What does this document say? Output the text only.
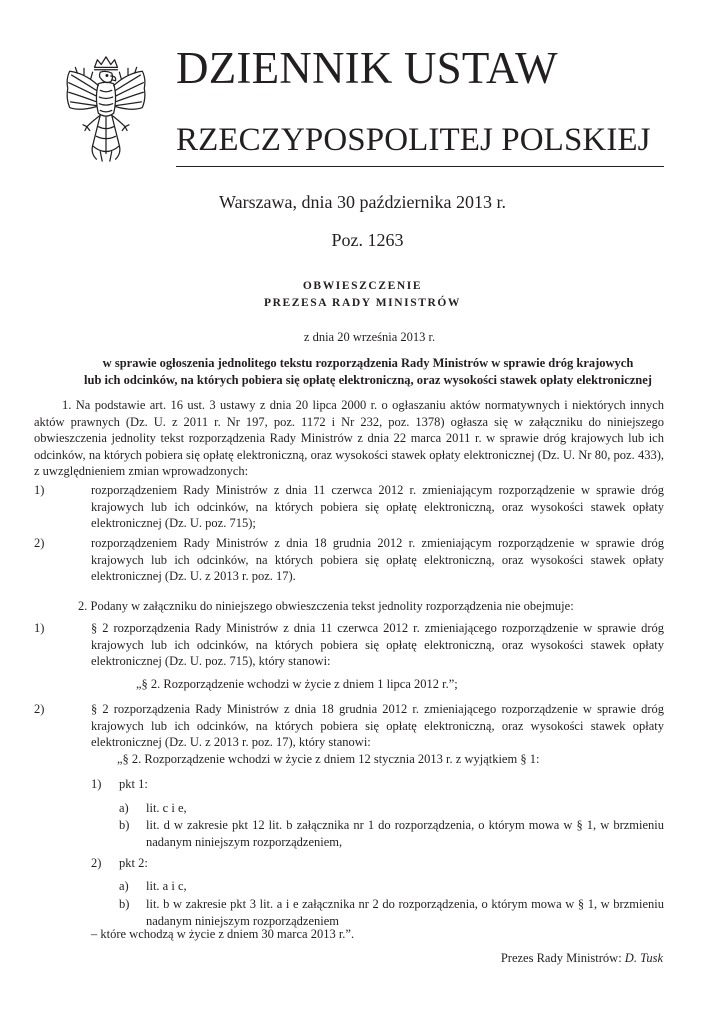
DZIENNIK USTAW
RZECZYPOSPOLITEJ POLSKIEJ
Warszawa, dnia 30 października 2013 r.
Poz. 1263
OBWIESZCZENIE
PREZESA RADY MINISTRÓW
z dnia 20 września 2013 r.
w sprawie ogłoszenia jednolitego tekstu rozporządzenia Rady Ministrów w sprawie dróg krajowych
lub ich odcinków, na których pobiera się opłatę elektroniczną, oraz wysokości stawek opłaty elektronicznej
1. Na podstawie art. 16 ust. 3 ustawy z dnia 20 lipca 2000 r. o ogłaszaniu aktów normatywnych i niektórych innych aktów prawnych (Dz. U. z 2011 r. Nr 197, poz. 1172 i Nr 232, poz. 1378) ogłasza się w załączniku do niniejszego obwieszczenia jednolity tekst rozporządzenia Rady Ministrów z dnia 22 marca 2011 r. w sprawie dróg krajowych lub ich odcinków, na których pobiera się opłatę elektroniczną, oraz wysokości stawek opłaty elektronicznej (Dz. U. Nr 80, poz. 433), z uwzględnieniem zmian wprowadzonych:
1)	rozporządzeniem Rady Ministrów z dnia 11 czerwca 2012 r. zmieniającym rozporządzenie w sprawie dróg krajowych lub ich odcinków, na których pobiera się opłatę elektroniczną, oraz wysokości stawek opłaty elektronicznej (Dz. U. poz. 715);
2)	rozporządzeniem Rady Ministrów z dnia 18 grudnia 2012 r. zmieniającym rozporządzenie w sprawie dróg krajowych lub ich odcinków, na których pobiera się opłatę elektroniczną, oraz wysokości stawek opłaty elektronicznej (Dz. U. z 2013 r. poz. 17).
2. Podany w załączniku do niniejszego obwieszczenia tekst jednolity rozporządzenia nie obejmuje:
1)	§ 2 rozporządzenia Rady Ministrów z dnia 11 czerwca 2012 r. zmieniającego rozporządzenie w sprawie dróg krajowych lub ich odcinków, na których pobiera się opłatę elektroniczną, oraz wysokości stawek opłaty elektronicznej (Dz. U. poz. 715), który stanowi:
„§ 2. Rozporządzenie wchodzi w życie z dniem 1 lipca 2012 r.”;
2)	§ 2 rozporządzenia Rady Ministrów z dnia 18 grudnia 2012 r. zmieniającego rozporządzenie w sprawie dróg krajowych lub ich odcinków, na których pobiera się opłatę elektroniczną, oraz wysokości stawek opłaty elektronicznej (Dz. U. z 2013 r. poz. 17), który stanowi:
„§ 2. Rozporządzenie wchodzi w życie z dniem 12 stycznia 2013 r. z wyjątkiem § 1:
1) pkt 1:
a) lit. c i e,
b) lit. d w zakresie pkt 12 lit. b załącznika nr 1 do rozporządzenia, o którym mowa w § 1, w brzmieniu nadanym niniejszym rozporządzeniem,
2) pkt 2:
a) lit. a i c,
b) lit. b w zakresie pkt 3 lit. a i e załącznika nr 2 do rozporządzenia, o którym mowa w § 1, w brzmieniu nadanym niniejszym rozporządzeniem
– które wchodzą w życie z dniem 30 marca 2013 r.”.
Prezes Rady Ministrów: D. Tusk
